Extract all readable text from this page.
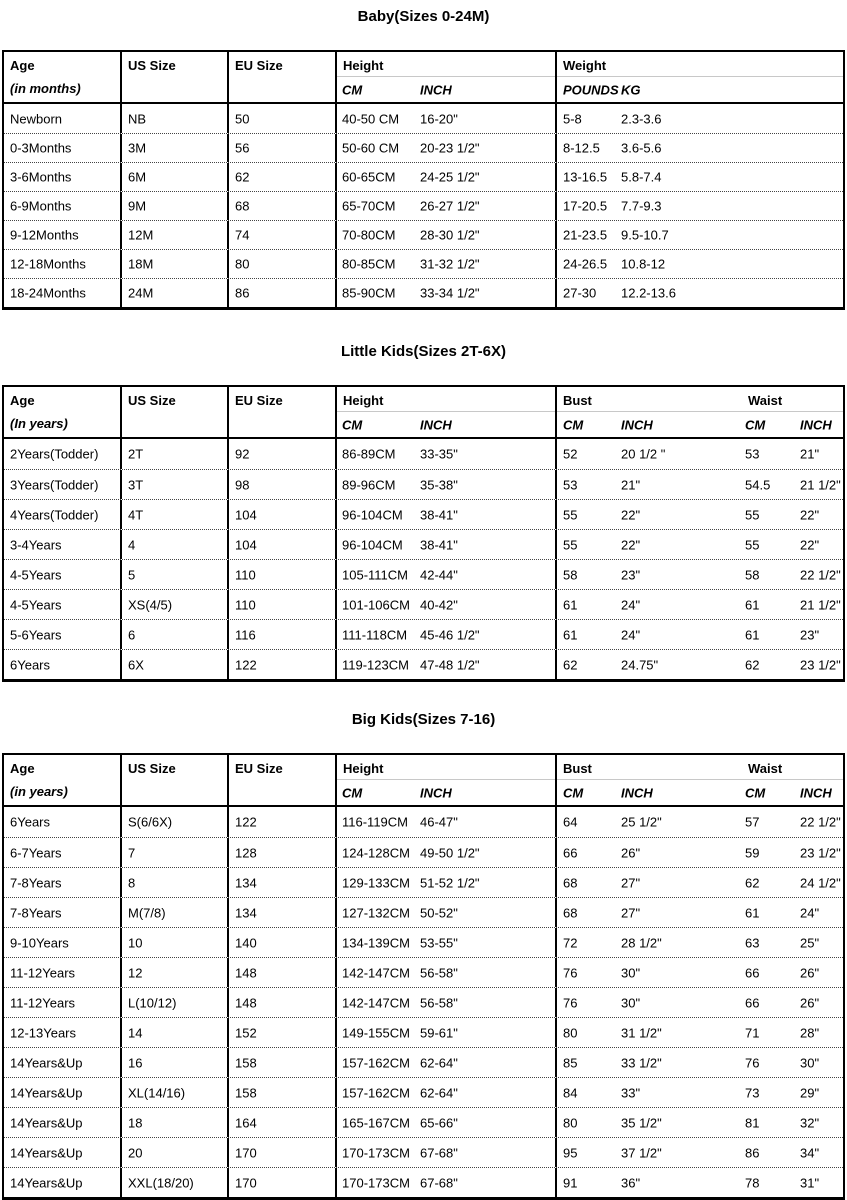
Baby(Sizes 0-24M)
Age
(in months)
US Size	EU Size	Height
CM	INCH
Weight
POUNDS KG
Newborn	NB	50	40-50 CM 16-20"	5-8	2.3-3.6
0-3Months	3M	56	50-60 CM 20-23 1/2"	8-12.5 3.6-5.6
3-6Months	6M	62	60-65CM 24-25 1/2"	13-16.5 5.8-7.4
6-9Months	9M	68	65-70CM 26-27 1/2"	17-20.5 7.7-9.3
9-12Months	12M	74	70-80CM 28-30 1/2"	21-23.5 9.5-10.7
12-18Months	18M	80	80-85CM 31-32 1/2"	24-26.5 10.8-12
18-24Months	24M	86	85-90CM 33-34 1/2"	27-30 12.2-13.6
Little Kids(Sizes 2T-6X)
Age
(In years)
US Size	EU Size	Height
CM	INCH
Bust	Waist
CM	INCH	CM	INCH
2Years(Todder) 2T	92	86-89CM 33-35"	52	20 1/2 "	53	21"
3Years(Todder) 3T	98	89-96CM 35-38"	53	21"	54.5 21 1/2"
4Years(Todder) 4T	104	96-104CM 38-41"	55	22"	55	22"
3-4Years	4	104	96-104CM 38-41"	55	22"	55	22"
4-5Years	5	110	105-111CM 42-44"	58	23"	58	22 1/2"
4-5Years	XS(4/5)	110	101-106CM 40-42"	61	24"	61	21 1/2"
5-6Years	6	116	111-118CM 45-46 1/2"	61	24"	61	23"
6Years	6X	122	119-123CM 47-48 1/2"	62	24.75"	62	23 1/2"
Big Kids(Sizes 7-16)
Age
(in years)
US Size	EU Size	Height
CM	INCH
Bust	Waist
CM	INCH	CM	INCH
6Years	S(6/6X)	122	116-119CM 46-47"	64	25 1/2"	57	22 1/2"
6-7Years	7	128	124-128CM 49-50 1/2"	66	26"	59	23 1/2"
7-8Years	8	134	129-133CM 51-52 1/2"	68	27"	62	24 1/2"
7-8Years	M(7/8)	134	127-132CM 50-52"	68	27"	61	24"
9-10Years	10	140	134-139CM 53-55"	72	28 1/2"	63	25"
11-12Years	12	148	142-147CM 56-58"	76	30"	66	26"
11-12Years	L(10/12)	148	142-147CM 56-58"	76	30"	66	26"
12-13Years	14	152	149-155CM 59-61"	80	31 1/2"	71	28"
14Years&Up	16	158	157-162CM 62-64"	85	33 1/2"	76	30"
14Years&Up	XL(14/16)	158	157-162CM 62-64"	84	33"	73	29"
14Years&Up	18	164	165-167CM 65-66"	80	35 1/2"	81	32"
14Years&Up	20	170	170-173CM 67-68"	95	37 1/2"	86	34"
14Years&Up	XXL(18/20)	170	170-173CM 67-68"	91	36"	78	31"
